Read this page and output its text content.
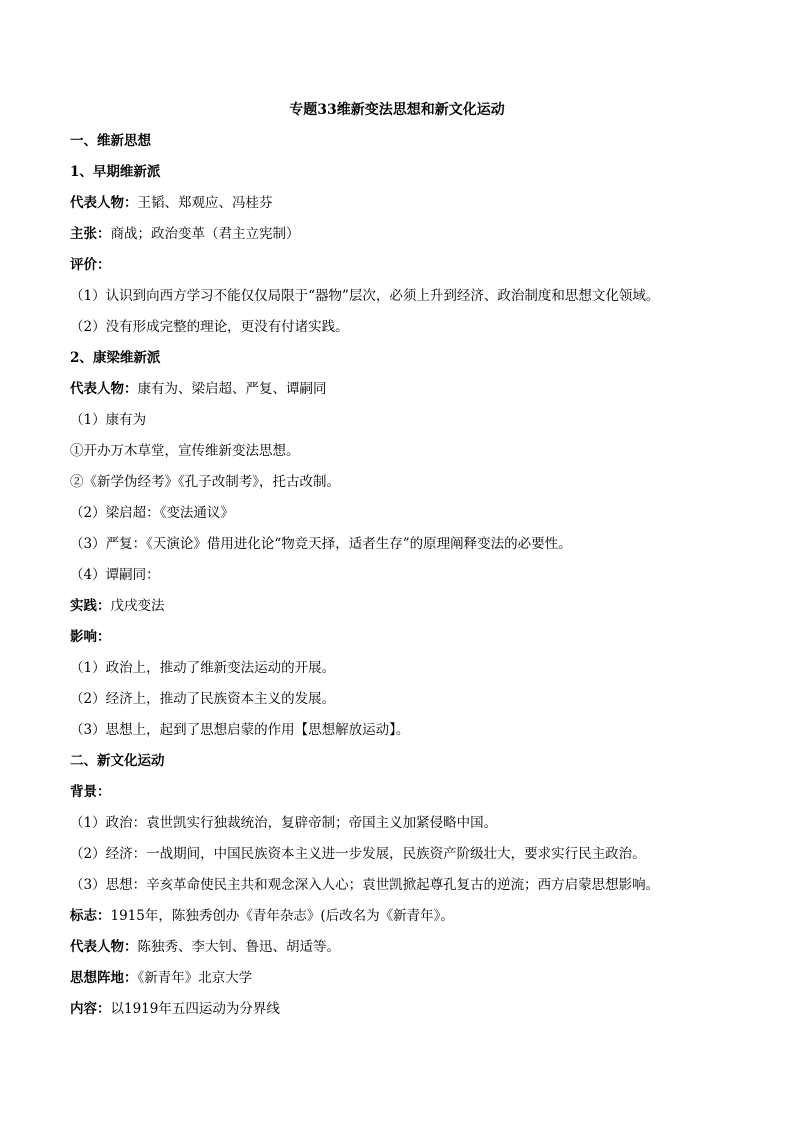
专题33维新变法思想和新文化运动
一、维新思想
1、早期维新派
代表人物：王韬、郑观应、冯桂芬
主张：商战；政治变革（君主立宪制）
评价：
（1）认识到向西方学习不能仅仅局限于“器物”层次，必须上升到经济、政治制度和思想文化领域。
（2）没有形成完整的理论，更没有付诸实践。
2、康梁维新派
代表人物：康有为、梁启超、严复、谭嗣同
（1）康有为
①开办万木草堂，宣传维新变法思想。
②《新学伪经考》《孔子改制考》，托古改制。
（2）梁启超：《变法通议》
（3）严复：《天演论》借用进化论“物竞天择，适者生存”的原理阐释变法的必要性。
（4）谭嗣同：
实践：戊戌变法
影响：
（1）政治上，推动了维新变法运动的开展。
（2）经济上，推动了民族资本主义的发展。
（3）思想上，起到了思想启蒙的作用【思想解放运动】。
二、新文化运动
背景：
（1）政治：袁世凯实行独裁统治，复辟帝制；帝国主义加紧侵略中国。
（2）经济：一战期间，中国民族资本主义进一步发展，民族资产阶级壮大，要求实行民主政治。
（3）思想：辛亥革命使民主共和观念深入人心；袁世凯掀起尊孔复古的逆流；西方启蒙思想影响。
标志：1915年，陈独秀创办《青年杂志》(后改名为《新青年》。
代表人物：陈独秀、李大钊、鲁迅、胡适等。
思想阵地：《新青年》北京大学
内容：以1919年五四运动为分界线
